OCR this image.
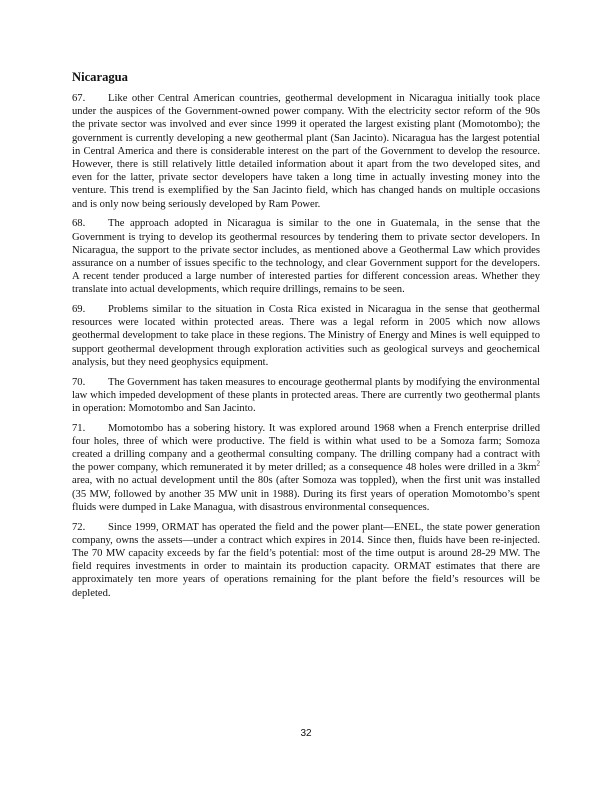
Nicaragua

67. Like other Central American countries, geothermal development in Nicaragua initially took place under the auspices of the Government-owned power company. With the electricity sector reform of the 90s the private sector was involved and ever since 1999 it operated the largest existing plant (Momotombo); the government is currently developing a new geothermal plant (San Jacinto). Nicaragua has the largest potential in Central America and there is considerable interest on the part of the Government to develop the resource. However, there is still relatively little detailed information about it apart from the two developed sites, and even for the latter, private sector developers have taken a long time in actually investing money into the venture. This trend is exemplified by the San Jacinto field, which has changed hands on multiple occasions and is only now being seriously developed by Ram Power.

68. The approach adopted in Nicaragua is similar to the one in Guatemala, in the sense that the Government is trying to develop its geothermal resources by tendering them to private sector developers. In Nicaragua, the support to the private sector includes, as mentioned above a Geothermal Law which provides assurance on a number of issues specific to the technology, and clear Government support for the developers. A recent tender produced a large number of interested parties for different concession areas. Whether they translate into actual developments, which require drillings, remains to be seen.

69. Problems similar to the situation in Costa Rica existed in Nicaragua in the sense that geothermal resources were located within protected areas. There was a legal reform in 2005 which now allows geothermal development to take place in these regions. The Ministry of Energy and Mines is well equipped to support geothermal development through exploration activities such as geological surveys and geochemical analysis, but they need geophysics equipment.

70. The Government has taken measures to encourage geothermal plants by modifying the environmental law which impeded development of these plants in protected areas. There are currently two geothermal plants in operation: Momotombo and San Jacinto.

71. Momotombo has a sobering history. It was explored around 1968 when a French enterprise drilled four holes, three of which were productive. The field is within what used to be a Somoza farm; Somoza created a drilling company and a geothermal consulting company. The drilling company had a contract with the power company, which remunerated it by meter drilled; as a consequence 48 holes were drilled in a $3km^2$ area, with no actual development until the 80s (after Somoza was toppled), when the first unit was installed (35 MW, followed by another 35 MW unit in 1988). During its first years of operation Momotombo’s spent fluids were dumped in Lake Managua, with disastrous environmental consequences.

72. Since 1999, ORMAT has operated the field and the power plant—ENEL, the state power generation company, owns the assets—under a contract which expires in 2014. Since then, fluids have been re-injected. The 70 MW capacity exceeds by far the field’s potential: most of the time output is around 28-29 MW. The field requires investments in order to maintain its production capacity. ORMAT estimates that there are approximately ten more years of operations remaining for the plant before the field’s resources will be depleted.

32
